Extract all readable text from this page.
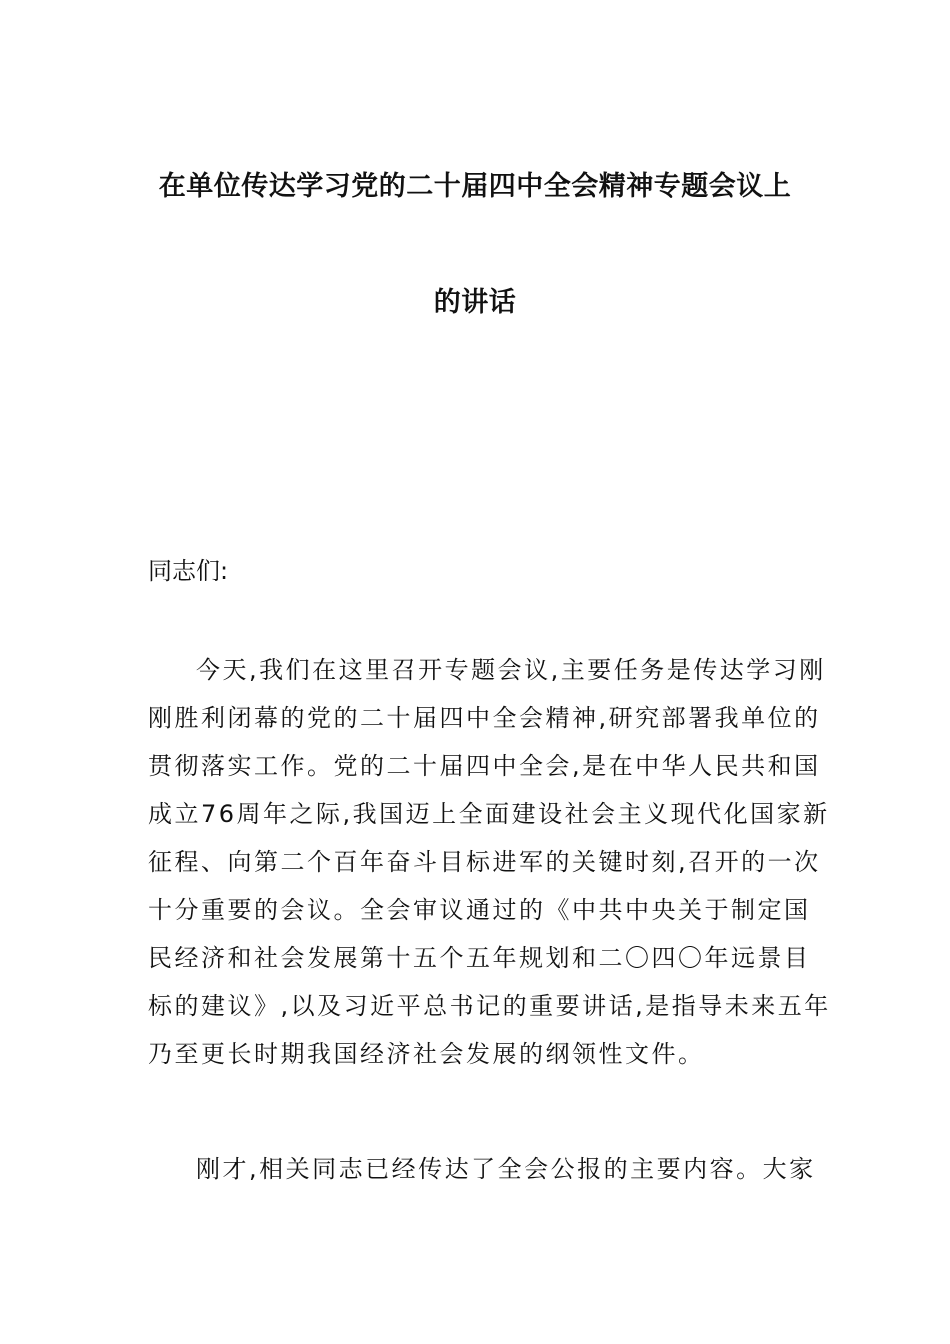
在单位传达学习党的二十届四中全会精神专题会议上
的讲话
同志们:
今天,我们在这里召开专题会议,主要任务是传达学习刚
刚胜利闭幕的党的二十届四中全会精神,研究部署我单位的
贯彻落实工作。党的二十届四中全会,是在中华人民共和国
成立76周年之际,我国迈上全面建设社会主义现代化国家新
征程、向第二个百年奋斗目标进军的关键时刻,召开的一次
十分重要的会议。全会审议通过的《中共中央关于制定国
民经济和社会发展第十五个五年规划和二〇四〇年远景目
标的建议》,以及习近平总书记的重要讲话,是指导未来五年
乃至更长时期我国经济社会发展的纲领性文件。
刚才,相关同志已经传达了全会公报的主要内容。大家
